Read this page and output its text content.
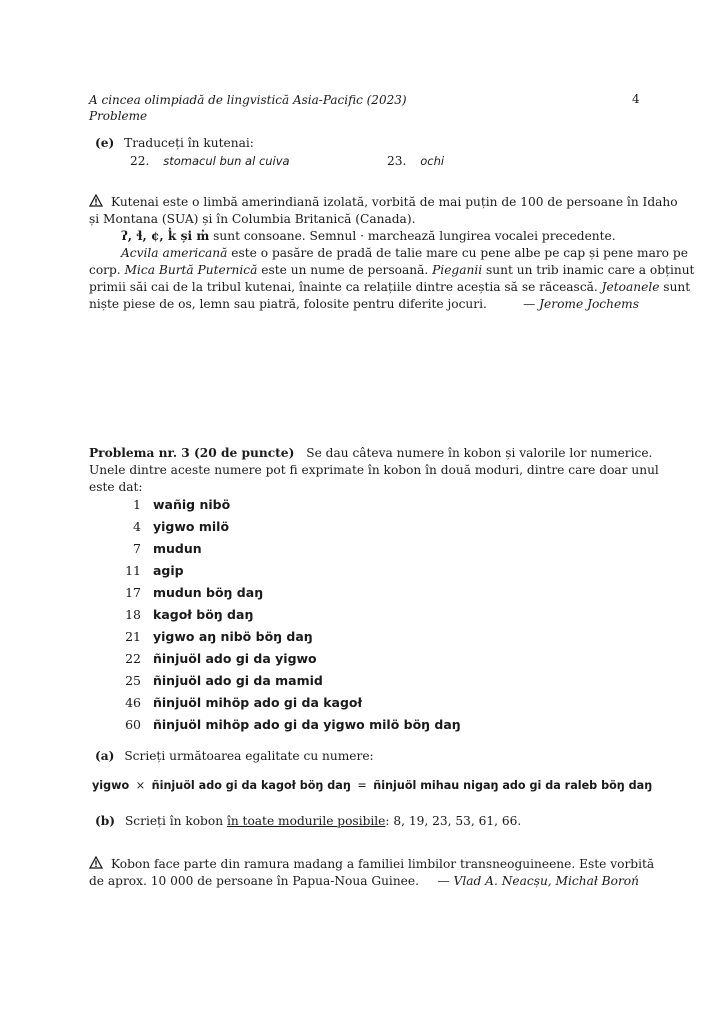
A cincea olimpiadă de lingvistică Asia-Pacific (2023)
Probleme
4
(e) Traduceți în kutenai:
22. stomacul bun al cuiva	23. ochi
Kutenai este o limbă amerindiană izolată, vorbită de mai puțin de 100 de persoane în Idaho
și Montana (SUA) și în Columbia Britanică (Canada).
ʔ, ɬ, ¢, k̓ și m̓ sunt consoane. Semnul · marchează lungirea vocalei precedente.
Acvila americană este o pasăre de pradă de talie mare cu pene albe pe cap și pene maro pe
corp. Mica Burtă Puternică este un nume de persoană. Pieganii sunt un trib inamic care a obținut
primii săi cai de la tribul kutenai, înainte ca relațiile dintre aceștia să se răcească. Jetoanele sunt
niște piese de os, lemn sau piatră, folosite pentru diferite jocuri.	— Jerome Jochems
Problema nr. 3 (20 de puncte) Se dau câteva numere în kobon și valorile lor numerice.
Unele dintre aceste numere pot fi exprimate în kobon în două moduri, dintre care doar unul
este dat:
1 wañig nibö
4 yigwo milö
7 mudun
11 agip
17 mudun böŋ daŋ
18 kagoł böŋ daŋ
21 yigwo aŋ nibö böŋ daŋ
22 ñinjuöl ado gi da yigwo
25 ñinjuöl ado gi da mamid
46 ñinjuöl mihöp ado gi da kagoł
60 ñinjuöl mihöp ado gi da yigwo milö böŋ daŋ
(a) Scrieți următoarea egalitate cu numere:
yigwo × ñinjuöl ado gi da kagoł böŋ daŋ = ñinjuöl mihau nigaŋ ado gi da raleb böŋ daŋ
(b) Scrieți în kobon în toate modurile posibile: 8, 19, 23, 53, 61, 66.
Kobon face parte din ramura madang a familiei limbilor transneoguineene. Este vorbită
de aprox. 10 000 de persoane în Papua-Noua Guinee. — Vlad A. Neacșu, Michał Boroń
